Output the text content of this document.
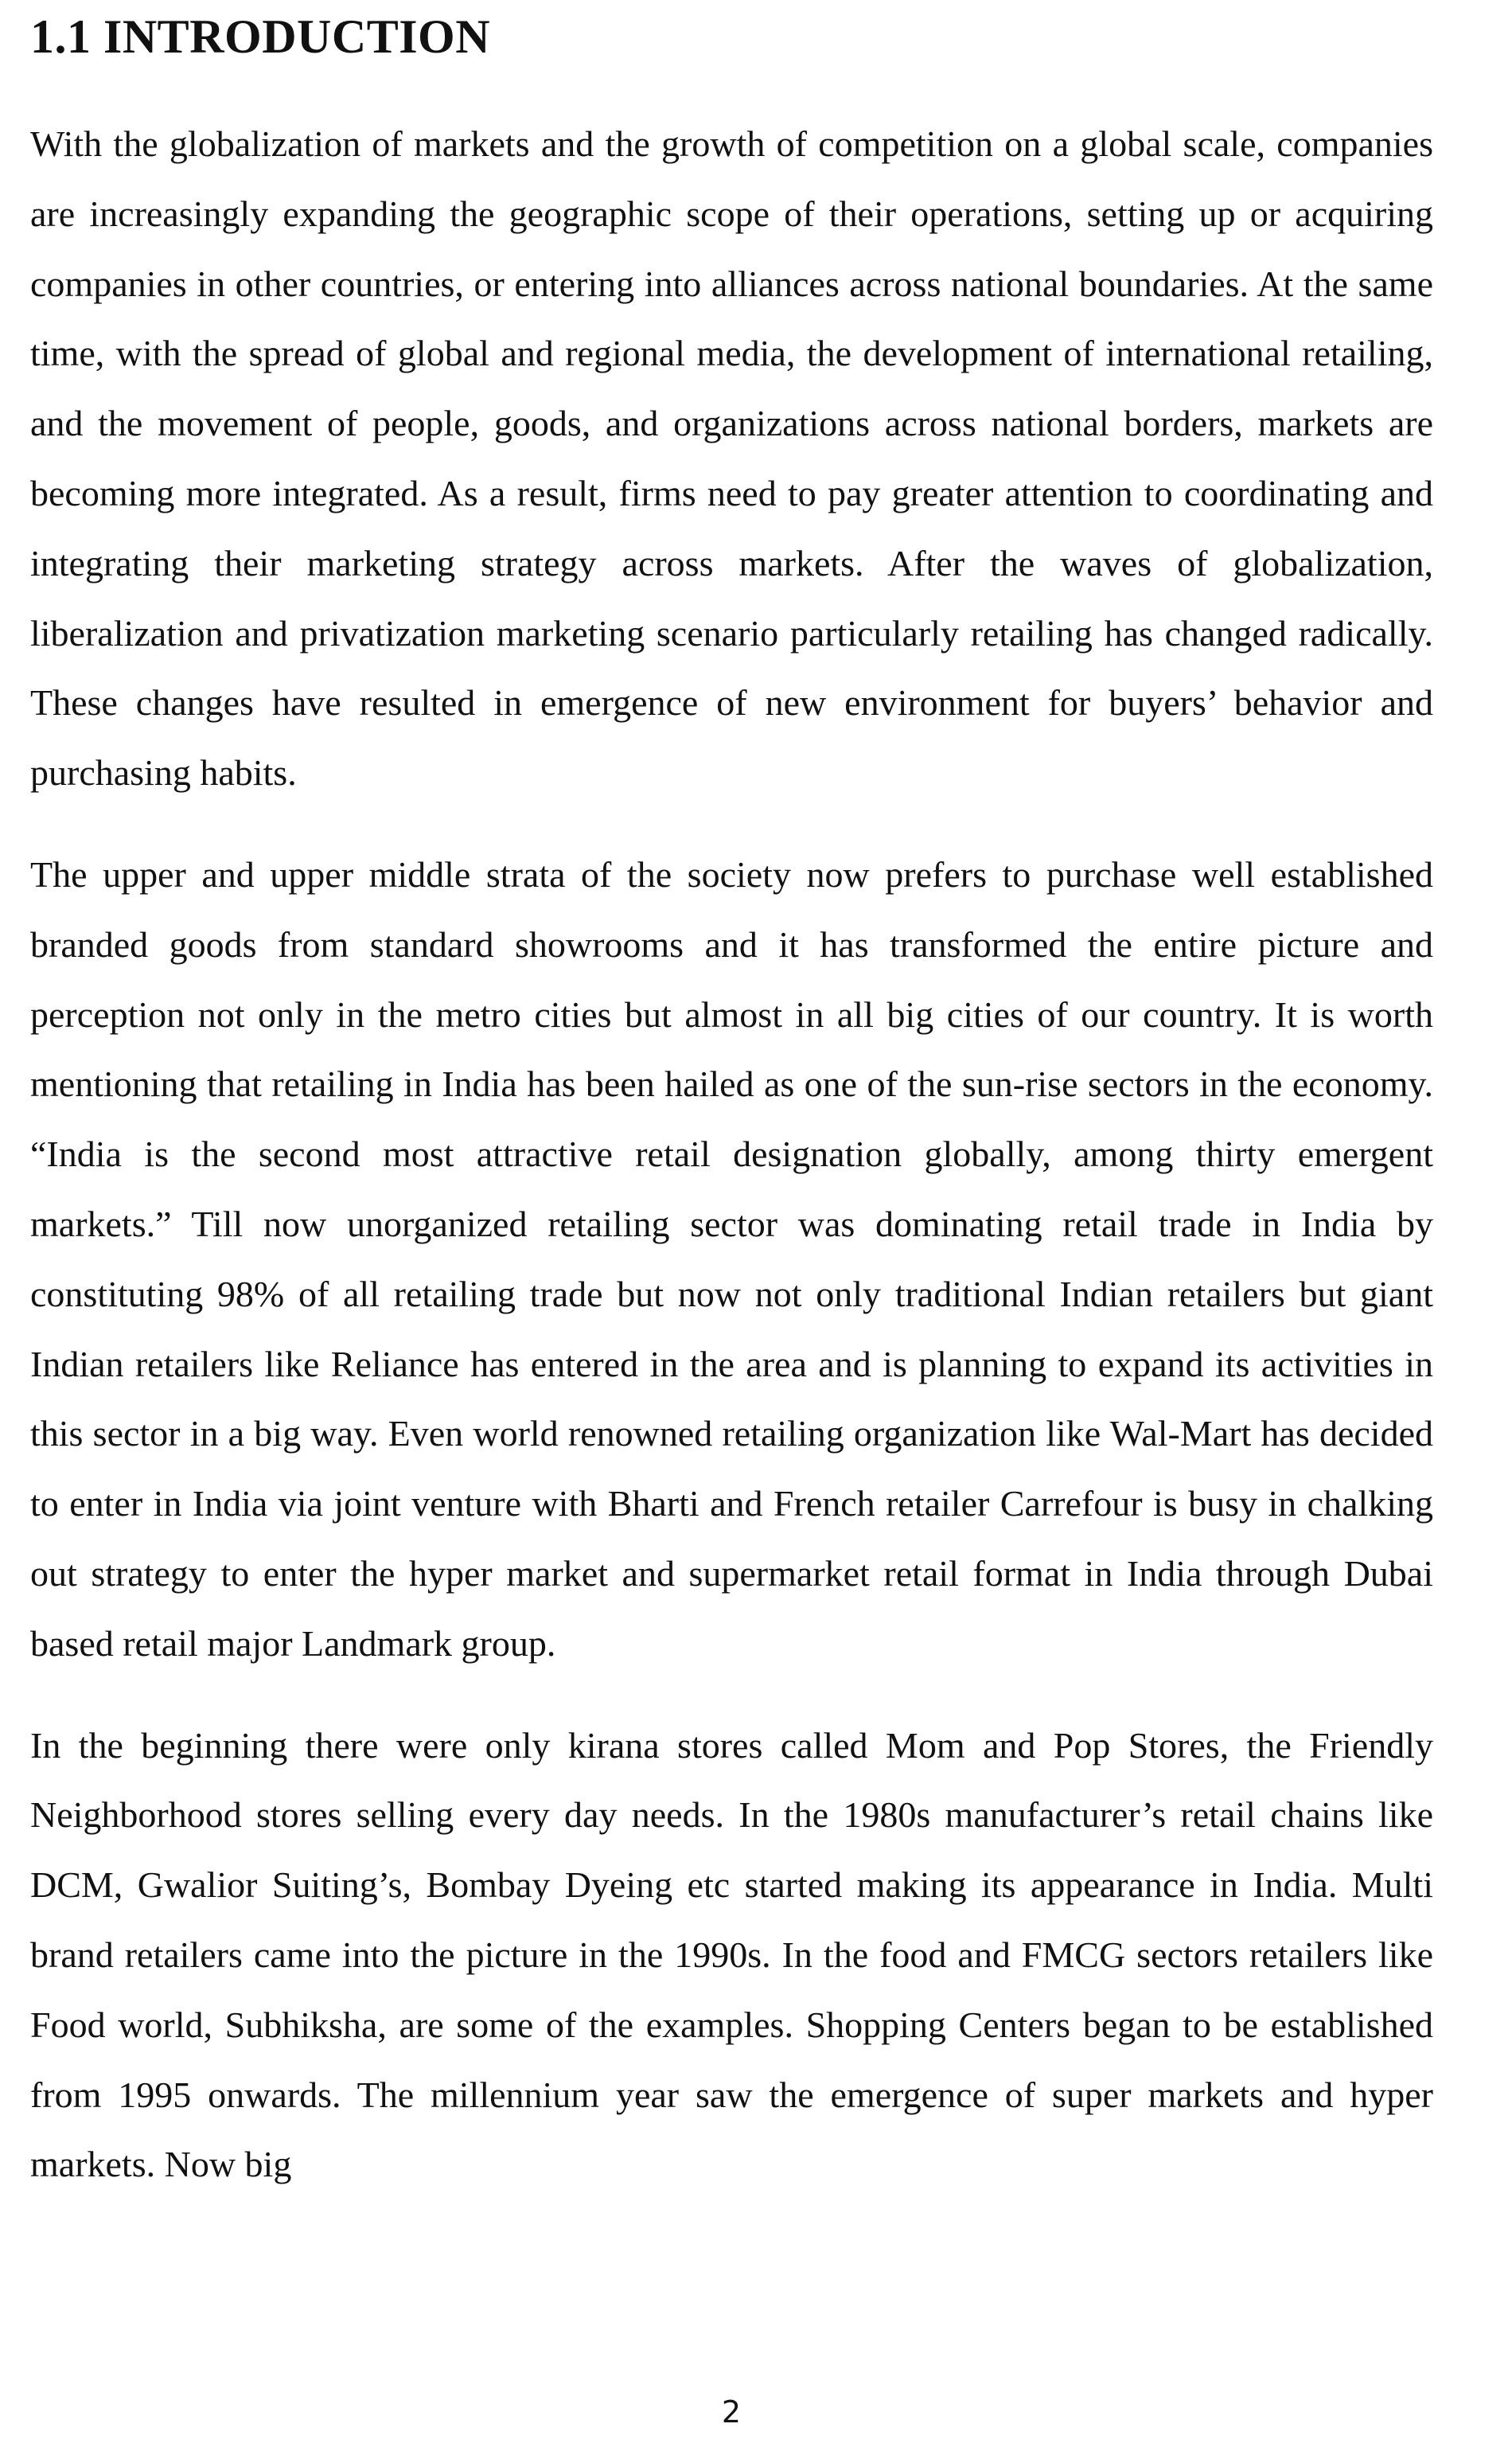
1.1 INTRODUCTION

With the globalization of markets and the growth of competition on a global scale, companies are increasingly expanding the geographic scope of their operations, setting up or acquiring companies in other countries, or entering into alliances across national boundaries. At the same time, with the spread of global and regional media, the development of international retailing, and the movement of people, goods, and organizations across national borders, markets are becoming more integrated. As a result, firms need to pay greater attention to coordinating and integrating their marketing strategy across markets. After the waves of globalization, liberalization and privatization marketing scenario particularly retailing has changed radically. These changes have resulted in emergence of new environment for buyers’ behavior and purchasing habits.

The upper and upper middle strata of the society now prefers to purchase well established branded goods from standard showrooms and it has transformed the entire picture and perception not only in the metro cities but almost in all big cities of our country. It is worth mentioning that retailing in India has been hailed as one of the sun-rise sectors in the economy. “India is the second most attractive retail designation globally, among thirty emergent markets.” Till now unorganized retailing sector was dominating retail trade in India by constituting 98% of all retailing trade but now not only traditional Indian retailers but giant Indian retailers like Reliance has entered in the area and is planning to expand its activities in this sector in a big way. Even world renowned retailing organization like Wal-Mart has decided to enter in India via joint venture with Bharti and French retailer Carrefour is busy in chalking out strategy to enter the hyper market and supermarket retail format in India through Dubai based retail major Landmark group.

In the beginning there were only kirana stores called Mom and Pop Stores, the Friendly Neighborhood stores selling every day needs. In the 1980s manufacturer’s retail chains like DCM, Gwalior Suiting’s, Bombay Dyeing etc started making its appearance in India. Multi brand retailers came into the picture in the 1990s. In the food and FMCG sectors retailers like Food world, Subhiksha, are some of the examples. Shopping Centers began to be established from 1995 onwards. The millennium year saw the emergence of super markets and hyper markets. Now big

2
